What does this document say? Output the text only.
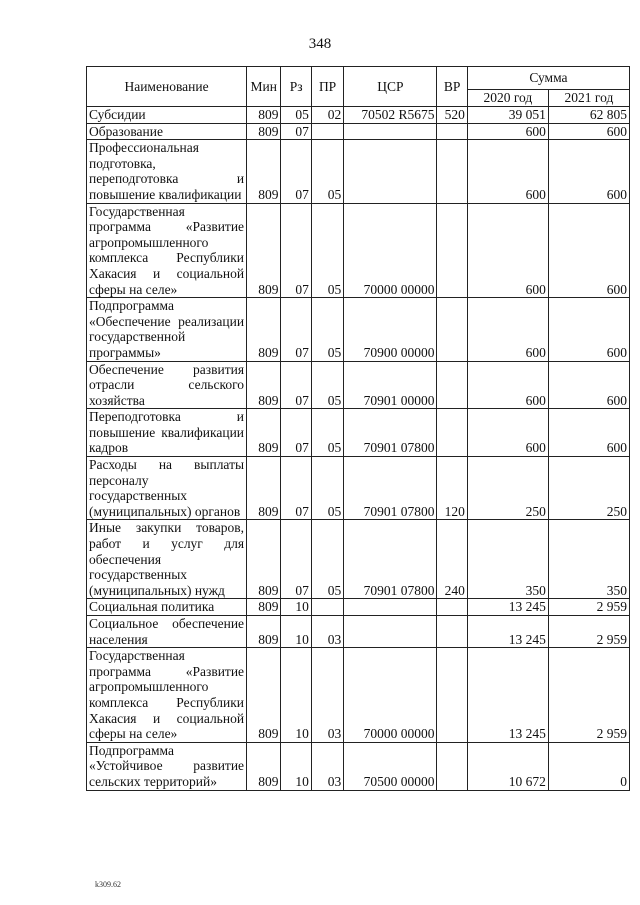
348
Наименование	Мин	Рз	ПР	ЦСР	ВР	Сумма	
						2020 год	2021 год
Субсидии	809	05	02	70502 R5675	520	39 051	62 805
Образование	809	07				600	600
Профессиональная подготовка, переподготовка и повышение квалификации	809	07	05			600	600
Государственная программа «Развитие агропромышленного комплекса Республики Хакасия и социальной сферы на селе»	809	07	05	70000 00000		600	600
Подпрограмма «Обеспечение реализации государственной программы»	809	07	05	70900 00000		600	600
Обеспечение развития отрасли сельского хозяйства	809	07	05	70901 00000		600	600
Переподготовка и повышение квалификации кадров	809	07	05	70901 07800		600	600
Расходы на выплаты персоналу государственных (муниципальных) органов	809	07	05	70901 07800	120	250	250
Иные закупки товаров, работ и услуг для обеспечения государственных (муниципальных) нужд	809	07	05	70901 07800	240	350	350
Социальная политика	809	10				13 245	2 959
Социальное обеспечение населения	809	10	03			13 245	2 959
Государственная программа «Развитие агропромышленного комплекса Республики Хакасия и социальной сферы на селе»	809	10	03	70000 00000		13 245	2 959
Подпрограмма «Устойчивое развитие сельских территорий»	809	10	03	70500 00000		10 672	0
k309.62
